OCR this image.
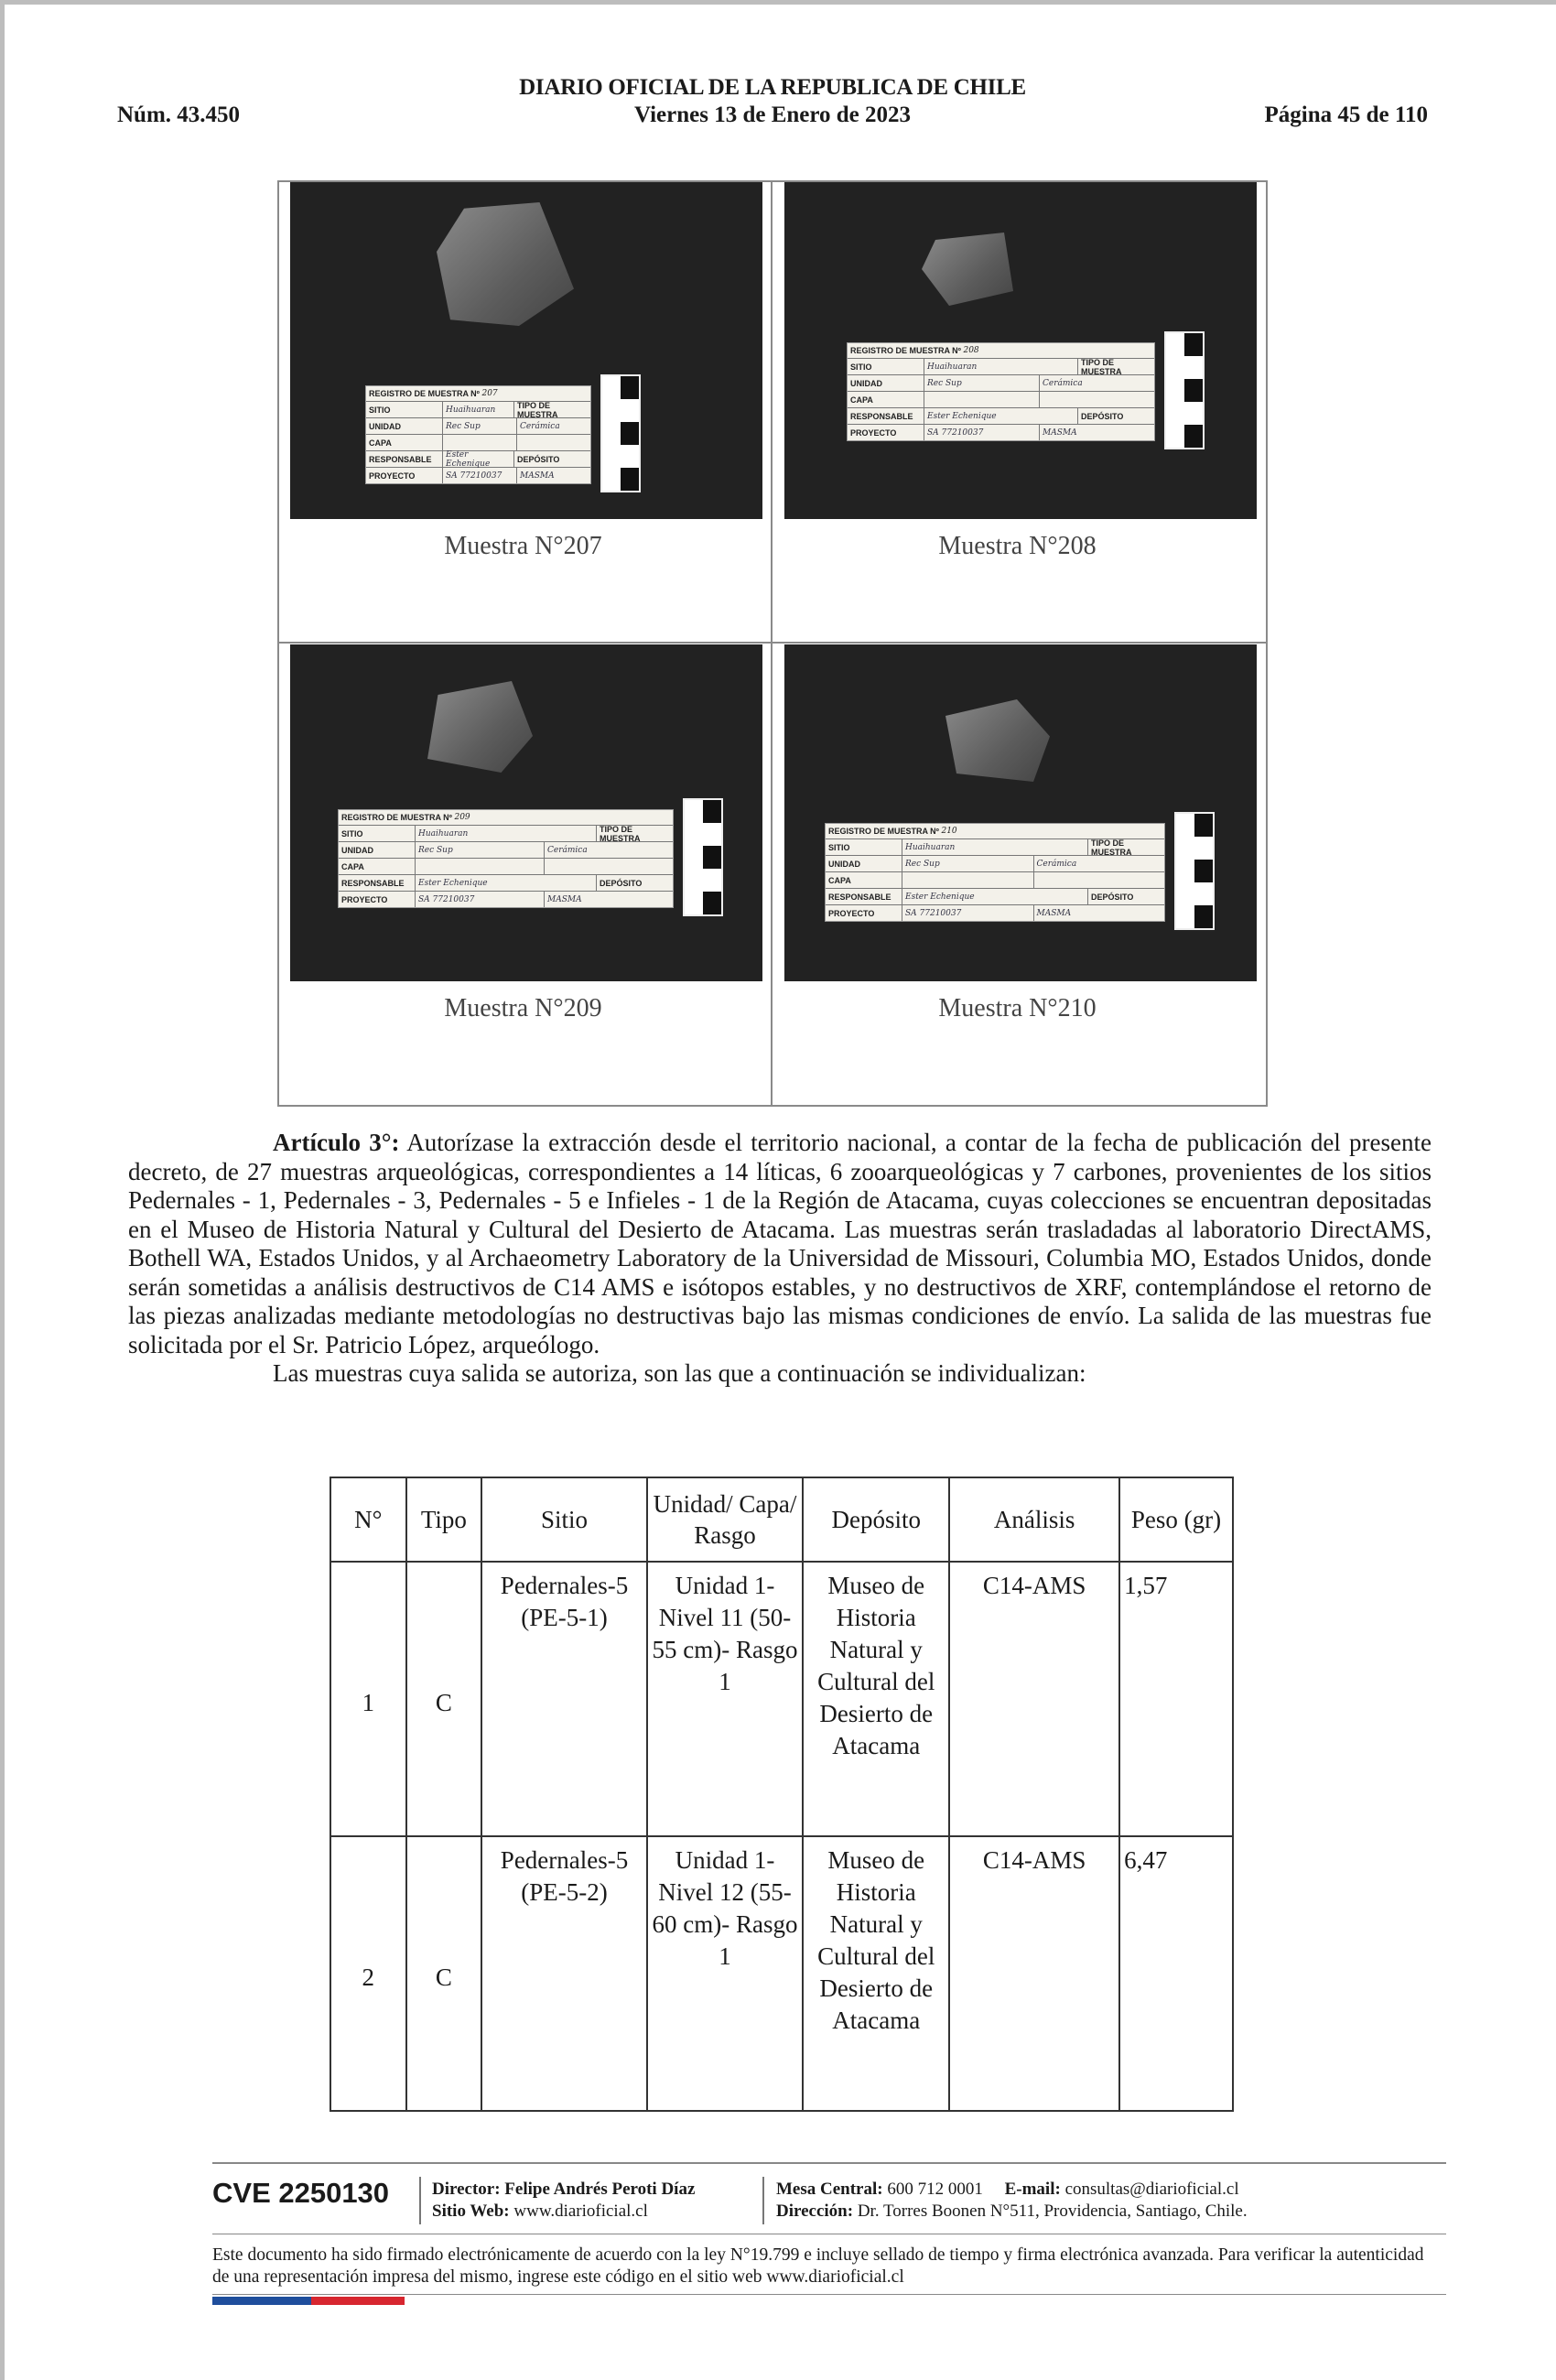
DIARIO OFICIAL DE LA REPUBLICA DE CHILE
Núm. 43.450	Viernes 13 de Enero de 2023	Página 45 de 110
REGISTRO DE MUESTRA Nº
207
SITIO	Huaihuaran	TIPO DE MUESTRA
UNIDAD	Rec Sup	Cerámica
CAPA
RESPONSABLE	Ester Echenique	DEPÓSITO
PROYECTO	SA 77210037	MASMA
Muestra N°207
REGISTRO DE MUESTRA Nº
208
SITIO	Huaihuaran	TIPO DE MUESTRA
UNIDAD	Rec Sup	Cerámica
CAPA
RESPONSABLE	Ester Echenique	DEPÓSITO
PROYECTO	SA 77210037	MASMA
Muestra N°208
REGISTRO DE MUESTRA Nº
209
SITIO	Huaihuaran	TIPO DE MUESTRA
UNIDAD	Rec Sup	Cerámica
CAPA
RESPONSABLE	Ester Echenique	DEPÓSITO
PROYECTO	SA 77210037	MASMA
Muestra N°209
REGISTRO DE MUESTRA Nº
210
SITIO	Huaihuaran	TIPO DE MUESTRA
UNIDAD	Rec Sup	Cerámica
CAPA
RESPONSABLE	Ester Echenique	DEPÓSITO
PROYECTO	SA 77210037	MASMA
Muestra N°210

Artículo 3°: Autorízase la extracción desde el territorio nacional, a contar de la fecha de publicación del presente decreto, de 27 muestras arqueológicas, correspondientes a 14 líticas, 6 zooarqueológicas y 7 carbones, provenientes de los sitios Pedernales - 1, Pedernales - 3, Pedernales - 5 e Infieles - 1 de la Región de Atacama, cuyas colecciones se encuentran depositadas en el Museo de Historia Natural y Cultural del Desierto de Atacama. Las muestras serán trasladadas al laboratorio DirectAMS, Bothell WA, Estados Unidos, y al Archaeometry Laboratory de la Universidad de Missouri, Columbia MO, Estados Unidos, donde serán sometidas a análisis destructivos de C14 AMS e isótopos estables, y no destructivos de XRF, contemplándose el retorno de las piezas analizadas mediante metodologías no destructivas bajo las mismas condiciones de envío. La salida de las muestras fue solicitada por el Sr. Patricio López, arqueólogo.

Las muestras cuya salida se autoriza, son las que a continuación se individualizan:

N°	Tipo	Sitio	Unidad/ Capa/ Rasgo	Depósito	Análisis	Peso (gr)
1	C	Pedernales-5 (PE-5-1)	Unidad 1- Nivel 11 (50- 55 cm)- Rasgo 1	Museo de Historia Natural y Cultural del Desierto de Atacama	C14-AMS	1,57
2	C	Pedernales-5 (PE-5-2)	Unidad 1- Nivel 12 (55- 60 cm)- Rasgo 1	Museo de Historia Natural y Cultural del Desierto de Atacama	C14-AMS	6,47
CVE 2250130 Director: Felipe Andrés Peroti Díaz
Sitio Web: www.diarioficial.cl
Mesa Central: 600 712 0001 E-mail: consultas@diarioficial.cl
Dirección: Dr. Torres Boonen N°511, Providencia, Santiago, Chile.
Este documento ha sido firmado electrónicamente de acuerdo con la ley N°19.799 e incluye sellado de tiempo y firma electrónica avanzada. Para verificar la autenticidad de una representación impresa del mismo, ingrese este código en el sitio web www.diarioficial.cl
